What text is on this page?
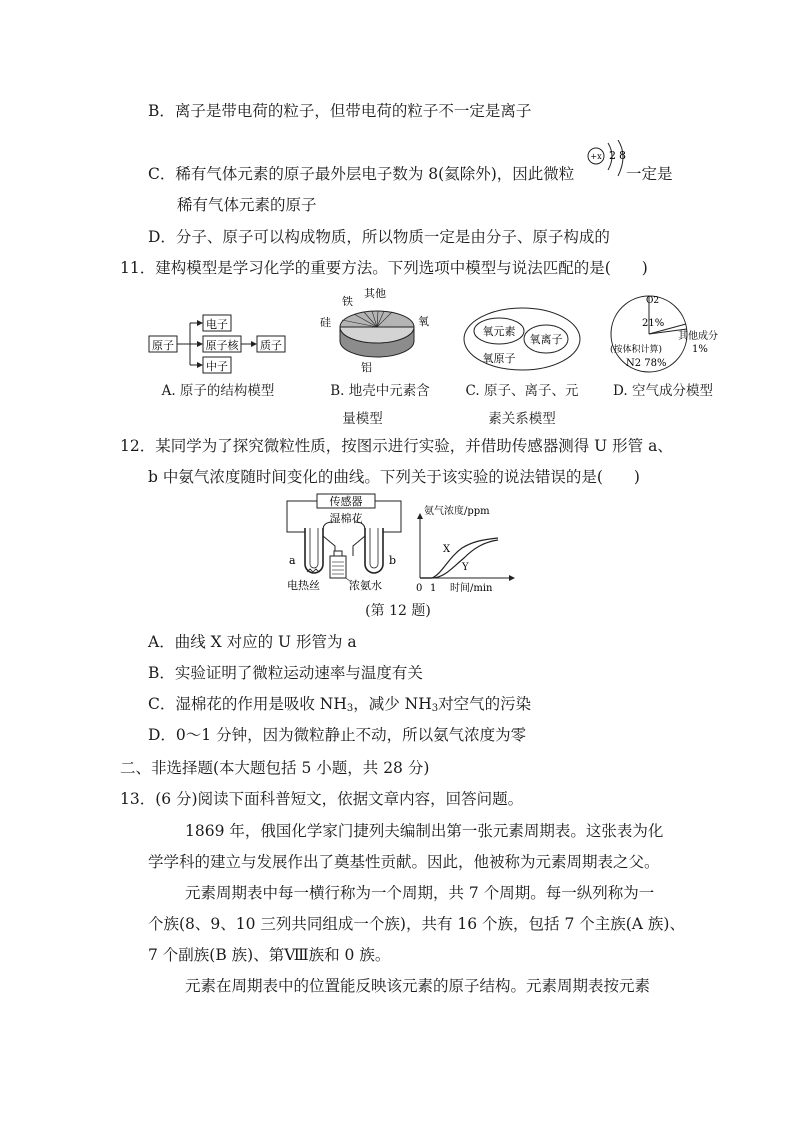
B．离子是带电荷的粒子，但带电荷的粒子不一定是离子
C．稀有气体元素的原子最外层电子数为 8(氦除外)，因此微粒
+x 2 8
一定是
稀有气体元素的原子
D．分子、原子可以构成物质，所以物质一定是由分子、原子构成的
11．建构模型是学习化学的重要方法。下列选项中模型与说法匹配的是(　　)
原子
电子
原子核 质子
中子
A. 原子的结构模型
其他
铁
硅	氧
铝
B. 地壳中元素含
量模型
氧元素
氧离子
氧原子
C. 原子、离子、元
素关系模型
O2
21%
其他成分
1%
(按体积计算)
N2 78%
D. 空气成分模型
12．某同学为了探究微粒性质，按图示进行实验，并借助传感器测得 U 形管 a、
b 中氨气浓度随时间变化的曲线。下列关于该实验的说法错误的是(　　)
传感器
湿棉花
a	b
电热丝	浓氨水
氨气浓度/ppm
0 1 时间/min
X
Y
(第 12 题)
A．曲线 X 对应的 U 形管为 a
B．实验证明了微粒运动速率与温度有关
C．湿棉花的作用是吸收 $NH_3$，减少 $NH_3$对空气的污染
D．0～1 分钟，因为微粒静止不动，所以氨气浓度为零
二、非选择题(本大题包括 5 小题，共 28 分)
13．(6 分)阅读下面科普短文，依据文章内容，回答问题。
1869 年，俄国化学家门捷列夫编制出第一张元素周期表。这张表为化
学学科的建立与发展作出了奠基性贡献。因此，他被称为元素周期表之父。
元素周期表中每一横行称为一个周期，共 7 个周期。每一纵列称为一
个族(8、9、10 三列共同组成一个族)，共有 16 个族，包括 7 个主族(A 族)、
7 个副族(B 族)、第Ⅷ族和 0 族。
元素在周期表中的位置能反映该元素的原子结构。元素周期表按元素
